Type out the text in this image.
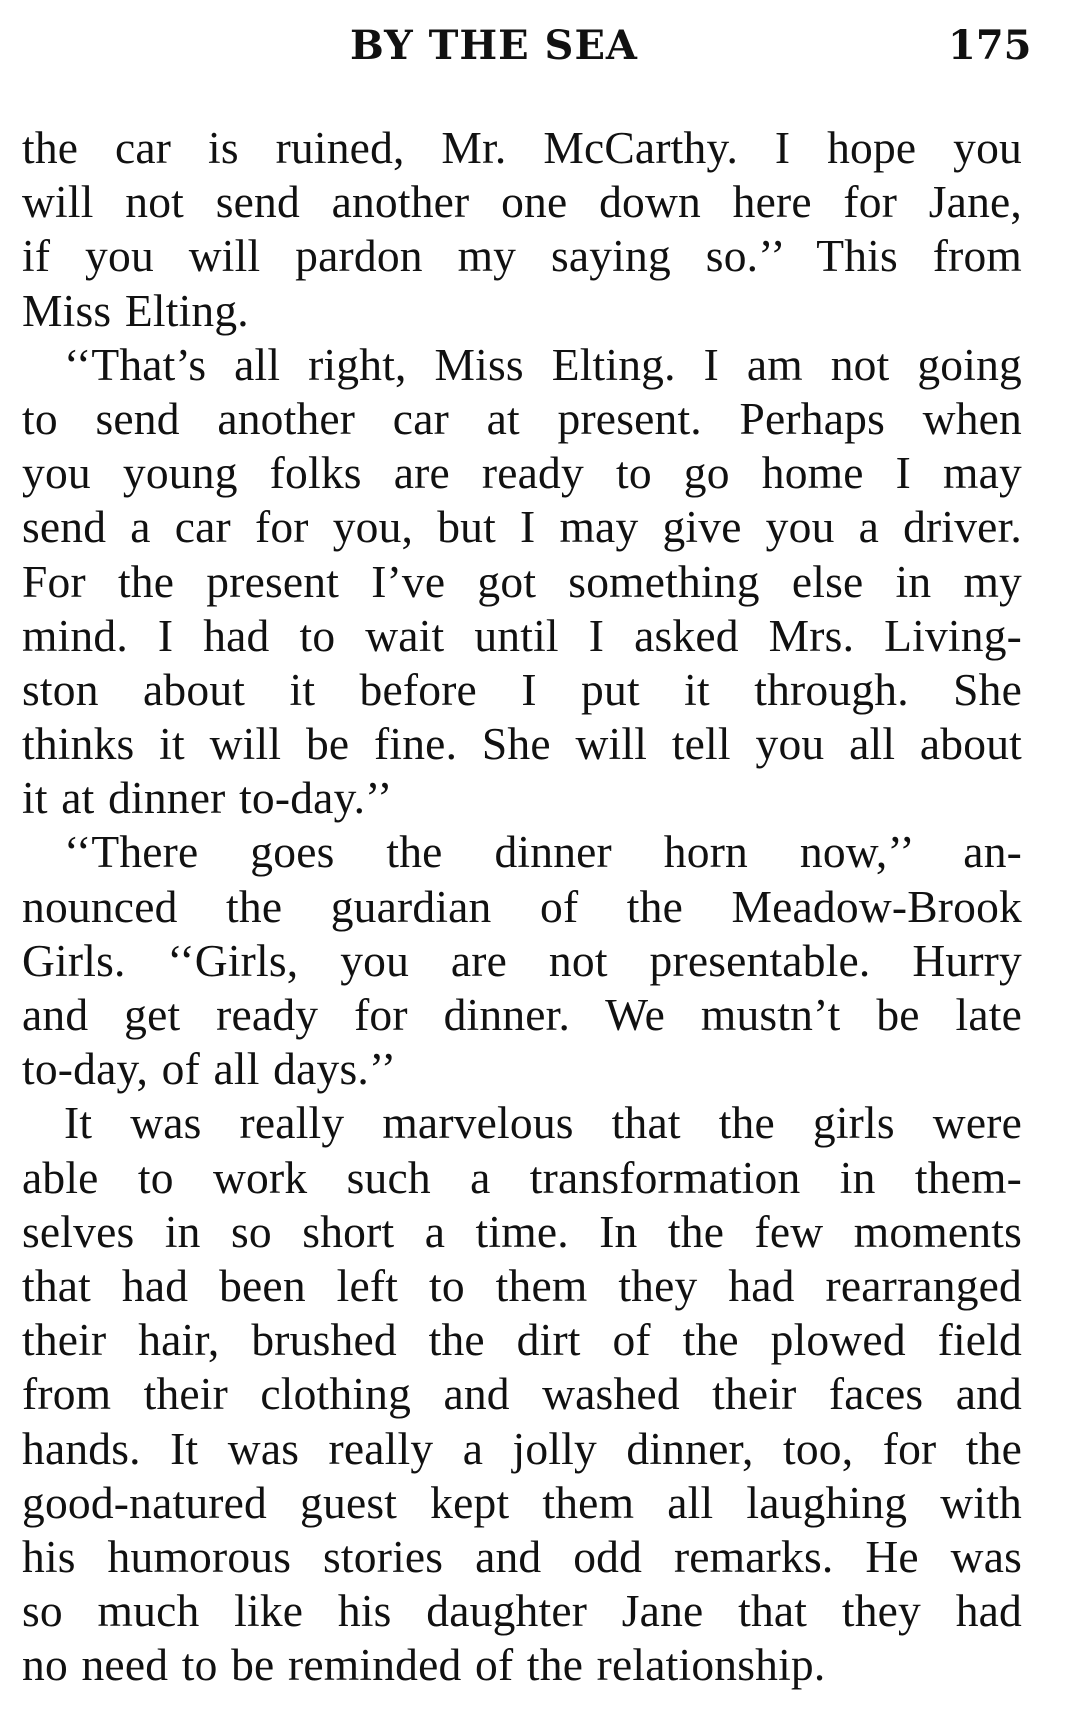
BY THE SEA	175
the car is ruined, Mr. McCarthy. I hope you
will not send another one down here for Jane,
if you will pardon my saying so.’’ This from
Miss Elting.
‘‘That’s all right, Miss Elting. I am not going
to send another car at present. Perhaps when
you young folks are ready to go home I may
send a car for you, but I may give you a driver.
For the present I’ve got something else in my
mind. I had to wait until I asked Mrs. Living-
ston about it before I put it through. She
thinks it will be fine. She will tell you all about
it at dinner to-day.’’
‘‘There goes the dinner horn now,’’ an-
nounced the guardian of the Meadow-Brook
Girls. ‘‘Girls, you are not presentable. Hurry
and get ready for dinner. We mustn’t be late
to-day, of all days.’’
It was really marvelous that the girls were
able to work such a transformation in them-
selves in so short a time. In the few moments
that had been left to them they had rearranged
their hair, brushed the dirt of the plowed field
from their clothing and washed their faces and
hands. It was really a jolly dinner, too, for the
good-natured guest kept them all laughing with
his humorous stories and odd remarks. He was
so much like his daughter Jane that they had
no need to be reminded of the relationship.
